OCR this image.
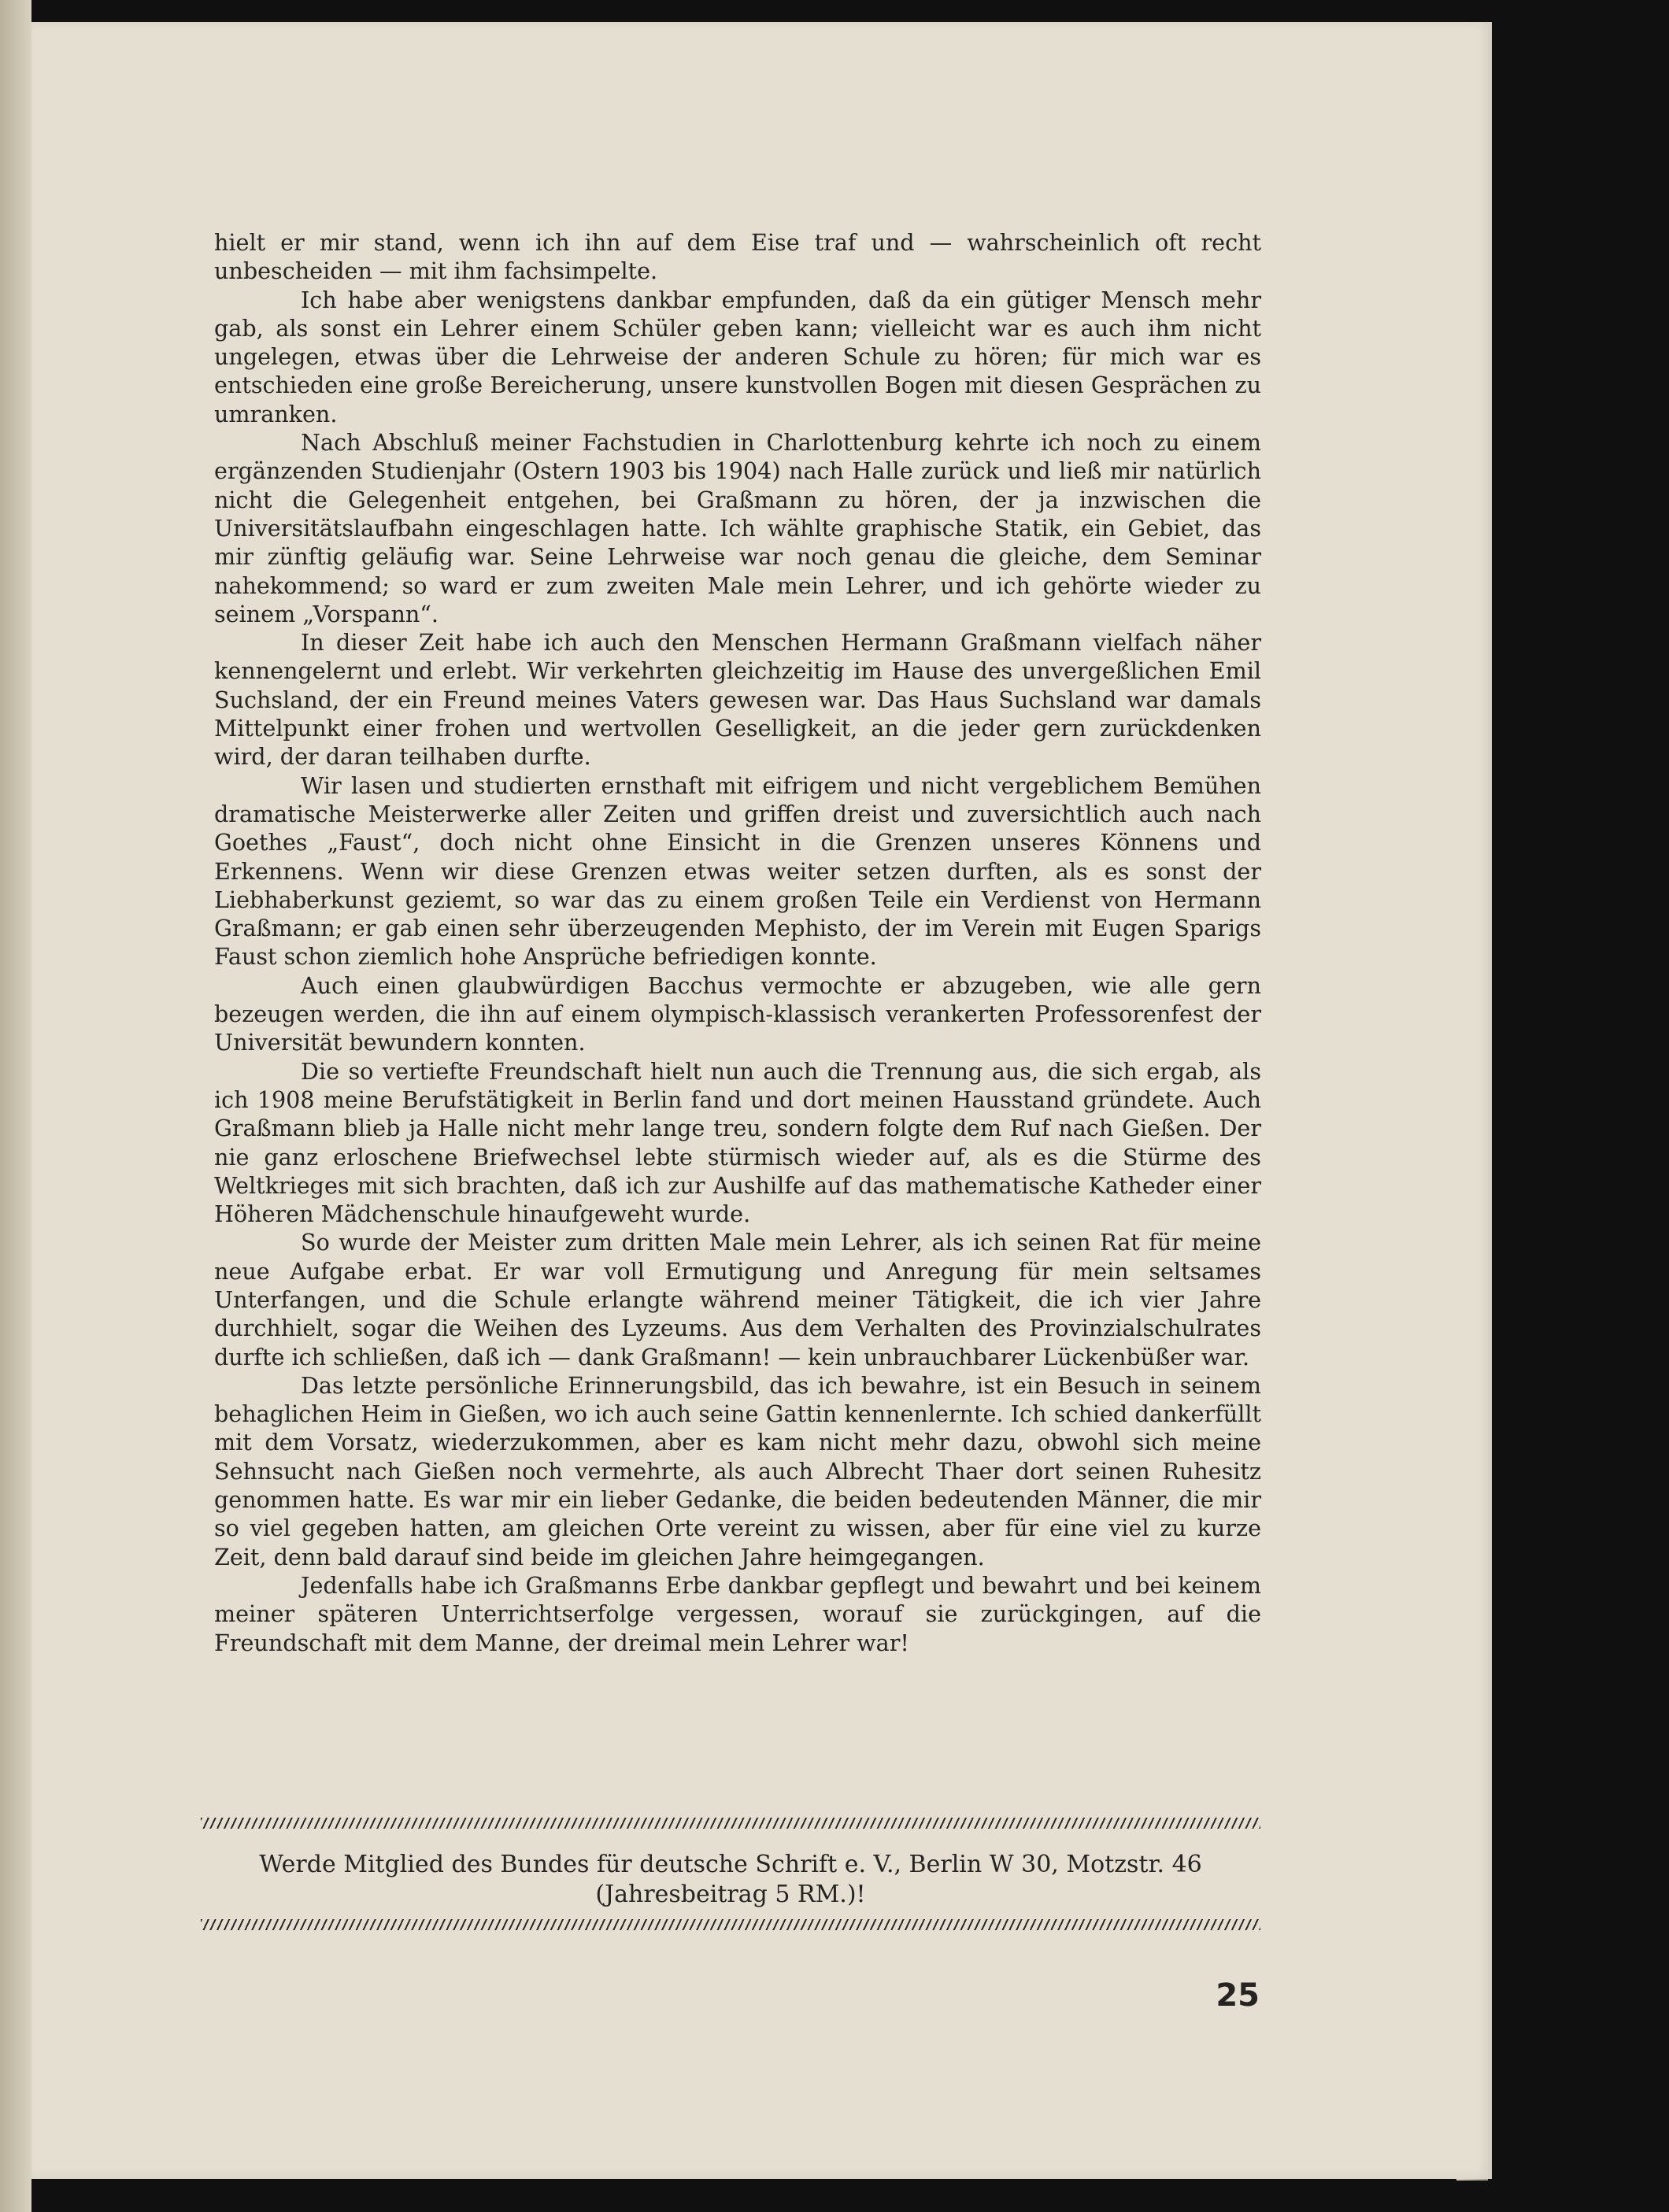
hielt er mir stand, wenn ich ihn auf dem Eise traf und — wahrscheinlich oft recht unbescheiden — mit ihm fachsimpelte.

Ich habe aber wenigstens dankbar empfunden, daß da ein gütiger Mensch mehr gab, als sonst ein Lehrer einem Schüler geben kann; vielleicht war es auch ihm nicht ungelegen, etwas über die Lehrweise der anderen Schule zu hören; für mich war es entschieden eine große Bereicherung, unsere kunstvollen Bogen mit diesen Gesprächen zu umranken.

Nach Abschluß meiner Fachstudien in Charlottenburg kehrte ich noch zu einem ergänzenden Studienjahr (Ostern 1903 bis 1904) nach Halle zurück und ließ mir natürlich nicht die Gelegenheit entgehen, bei Graßmann zu hören, der ja inzwischen die Universitätslaufbahn eingeschlagen hatte. Ich wählte graphische Statik, ein Gebiet, das mir zünftig geläufig war. Seine Lehrweise war noch genau die gleiche, dem Seminar nahekommend; so ward er zum zweiten Male mein Lehrer, und ich gehörte wieder zu seinem „Vorspann“.

In dieser Zeit habe ich auch den Menschen Hermann Graßmann vielfach näher kennengelernt und erlebt. Wir verkehrten gleichzeitig im Hause des unvergeßlichen Emil Suchsland, der ein Freund meines Vaters gewesen war. Das Haus Suchsland war damals Mittelpunkt einer frohen und wertvollen Geselligkeit, an die jeder gern zurückdenken wird, der daran teilhaben durfte.

Wir lasen und studierten ernsthaft mit eifrigem und nicht vergeblichem Bemühen dramatische Meisterwerke aller Zeiten und griffen dreist und zuversichtlich auch nach Goethes „Faust“, doch nicht ohne Einsicht in die Grenzen unseres Könnens und Erkennens. Wenn wir diese Grenzen etwas weiter setzen durften, als es sonst der Liebhaberkunst geziemt, so war das zu einem großen Teile ein Verdienst von Hermann Graßmann; er gab einen sehr überzeugenden Mephisto, der im Verein mit Eugen Sparigs Faust schon ziemlich hohe Ansprüche befriedigen konnte.

Auch einen glaubwürdigen Bacchus vermochte er abzugeben, wie alle gern bezeugen werden, die ihn auf einem olympisch-klassisch verankerten Professorenfest der Universität bewundern konnten.

Die so vertiefte Freundschaft hielt nun auch die Trennung aus, die sich ergab, als ich 1908 meine Berufstätigkeit in Berlin fand und dort meinen Hausstand gründete. Auch Graßmann blieb ja Halle nicht mehr lange treu, sondern folgte dem Ruf nach Gießen. Der nie ganz erloschene Briefwechsel lebte stürmisch wieder auf, als es die Stürme des Weltkrieges mit sich brachten, daß ich zur Aushilfe auf das mathematische Katheder einer Höheren Mädchenschule hinaufgeweht wurde.

So wurde der Meister zum dritten Male mein Lehrer, als ich seinen Rat für meine neue Aufgabe erbat. Er war voll Ermutigung und Anregung für mein seltsames Unterfangen, und die Schule erlangte während meiner Tätigkeit, die ich vier Jahre durchhielt, sogar die Weihen des Lyzeums. Aus dem Verhalten des Provinzialschulrates durfte ich schließen, daß ich — dank Graßmann! — kein unbrauchbarer Lückenbüßer war.

Das letzte persönliche Erinnerungsbild, das ich bewahre, ist ein Besuch in seinem behaglichen Heim in Gießen, wo ich auch seine Gattin kennenlernte. Ich schied dankerfüllt mit dem Vorsatz, wiederzukommen, aber es kam nicht mehr dazu, obwohl sich meine Sehnsucht nach Gießen noch vermehrte, als auch Albrecht Thaer dort seinen Ruhesitz genommen hatte. Es war mir ein lieber Gedanke, die beiden bedeutenden Männer, die mir so viel gegeben hatten, am gleichen Orte vereint zu wissen, aber für eine viel zu kurze Zeit, denn bald darauf sind beide im gleichen Jahre heimgegangen.

Jedenfalls habe ich Graßmanns Erbe dankbar gepflegt und bewahrt und bei keinem meiner späteren Unterrichtserfolge vergessen, worauf sie zurückgingen, auf die Freundschaft mit dem Manne, der dreimal mein Lehrer war!

Werde Mitglied des Bundes für deutsche Schrift e. V., Berlin W 30, Motzstr. 46
(Jahresbeitrag 5 RM.)!
25
